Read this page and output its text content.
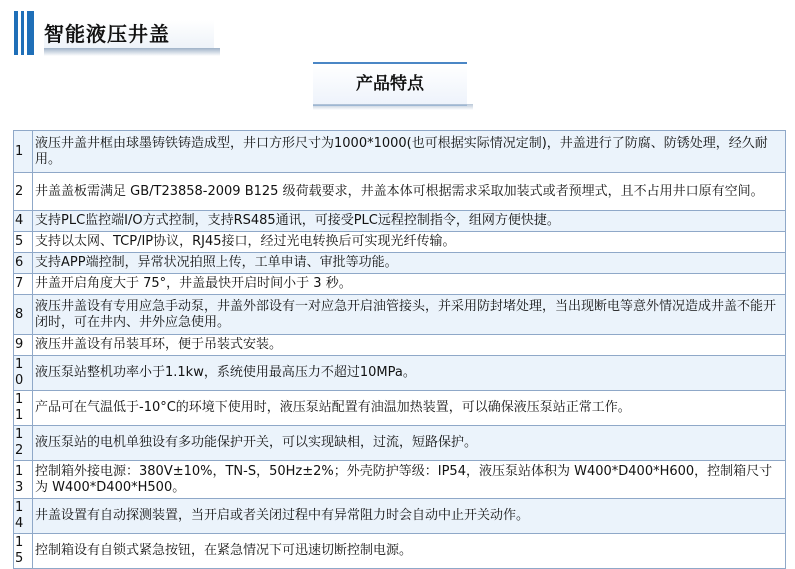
智能液压井盖
产品特点
1	液压井盖井框由球墨铸铁铸造成型，井口方形尺寸为1000*1000(也可根据实际情况定制)，井盖进行了防腐、防锈处理，经久耐用。
2	井盖盖板需满足 GB/T23858-2009 B125 级荷载要求，井盖本体可根据需求采取加装式或者预埋式，且不占用井口原有空间。
4	支持PLC监控端I/O方式控制，支持RS485通讯，可接受PLC远程控制指令，组网方便快捷。
5	支持以太网、TCP/IP协议，RJ45接口，经过光电转换后可实现光纤传输。
6	支持APP端控制，异常状况拍照上传，工单申请、审批等功能。
7	井盖开启角度大于 75°，井盖最快开启时间小于 3 秒。
8	液压井盖设有专用应急手动泵，井盖外部设有一对应急开启油管接头，并采用防封堵处理，当出现断电等意外情况造成井盖不能开闭时，可在井内、井外应急使用。
9	液压井盖设有吊装耳环，便于吊装式安装。
10	液压泵站整机功率小于1.1kw，系统使用最高压力不超过10MPa。
11	产品可在气温低于-10°C的环境下使用时，液压泵站配置有油温加热装置，可以确保液压泵站正常工作。
12	液压泵站的电机单独设有多功能保护开关，可以实现缺相，过流，短路保护。
13	控制箱外接电源：380V±10%，TN-S，50Hz±2%；外壳防护等级：IP54，液压泵站体积为 W400*D400*H600，控制箱尺寸为 W400*D400*H500。
14	井盖设置有自动探测装置，当开启或者关闭过程中有异常阻力时会自动中止开关动作。
15	控制箱设有自锁式紧急按钮，在紧急情况下可迅速切断控制电源。
